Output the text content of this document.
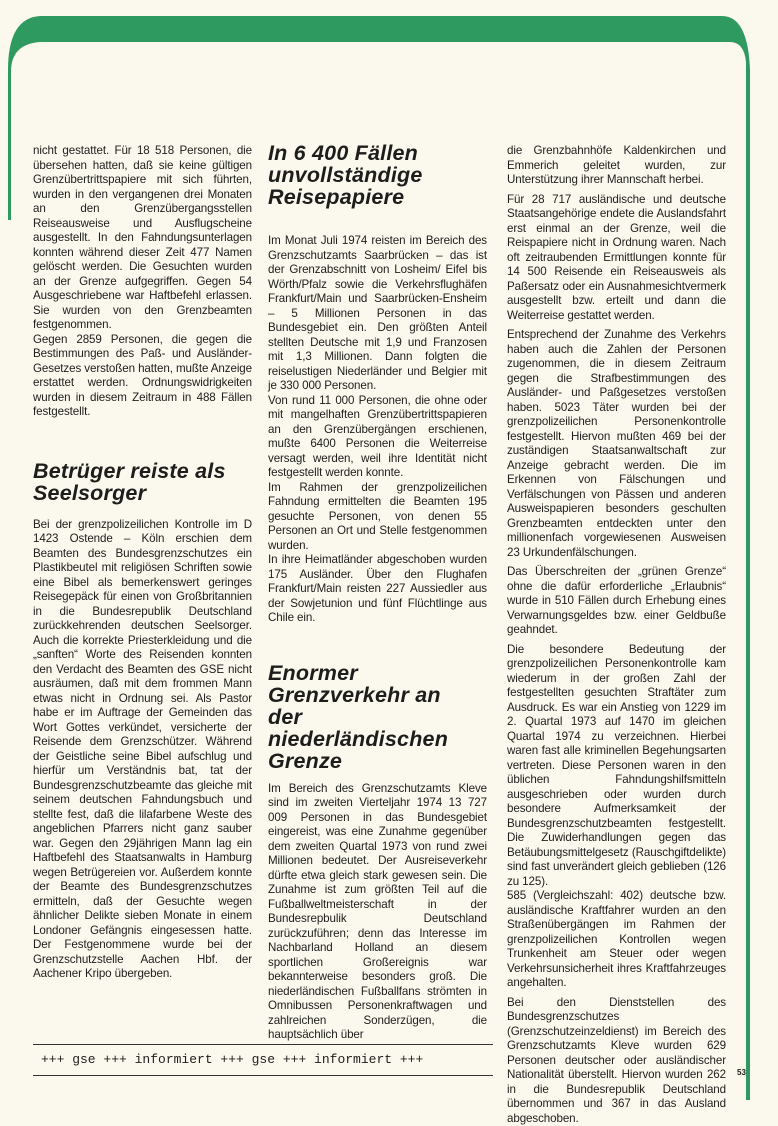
nicht gestattet. Für 18 518 Personen, die übersehen hatten, daß sie keine gültigen Grenzübertrittspapiere mit sich führten, wurden in den vergangenen drei Monaten an den Grenzübergangsstellen Reiseausweise und Ausflugscheine ausgestellt. In den Fahndungsunterlagen konnten während dieser Zeit 477 Namen gelöscht werden. Die Gesuchten wurden an der Grenze aufgegriffen. Gegen 54 Ausgeschriebene war Haftbefehl erlassen. Sie wurden von den Grenzbeamten festgenommen.

Gegen 2859 Personen, die gegen die Bestimmungen des Paß- und Ausländer-Gesetzes verstoßen hatten, mußte Anzeige erstattet werden. Ordnungswidrigkeiten wurden in diesem Zeitraum in 488 Fällen festgestellt.

Betrüger reiste als Seelsorger

Bei der grenzpolizeilichen Kontrolle im D 1423 Ostende – Köln erschien dem Beamten des Bundesgrenzschutzes ein Plastikbeutel mit religiösen Schriften sowie eine Bibel als bemerkenswert geringes Reisegepäck für einen von Großbritannien in die Bundesrepublik Deutschland zurückkehrenden deutschen Seelsorger. Auch die korrekte Priesterkleidung und die „sanften“ Worte des Reisenden konnten den Verdacht des Beamten des GSE nicht ausräumen, daß mit dem frommen Mann etwas nicht in Ordnung sei. Als Pastor habe er im Auftrage der Gemeinden das Wort Gottes verkündet, versicherte der Reisende dem Grenzschützer. Während der Geistliche seine Bibel aufschlug und hierfür um Verständnis bat, tat der Bundesgrenzschutzbeamte das gleiche mit seinem deutschen Fahndungsbuch und stellte fest, daß die lilafarbene Weste des angeblichen Pfarrers nicht ganz sauber war. Gegen den 29jährigen Mann lag ein Haftbefehl des Staatsanwalts in Hamburg wegen Betrügereien vor. Außerdem konnte der Beamte des Bundesgrenzschutzes ermitteln, daß der Gesuchte wegen ähnlicher Delikte sieben Monate in einem Londoner Gefängnis eingesessen hatte. Der Festgenommene wurde bei der Grenzschutzstelle Aachen Hbf. der Aachener Kripo übergeben.

In 6 400 Fällen unvollständige Reisepapiere

Im Monat Juli 1974 reisten im Bereich des Grenzschutzamts Saarbrücken – das ist der Grenzabschnitt von Losheim/ Eifel bis Wörth/Pfalz sowie die Verkehrsflughäfen Frankfurt/Main und Saarbrücken-Ensheim – 5 Millionen Personen in das Bundesgebiet ein. Den größten Anteil stellten Deutsche mit 1,9 und Franzosen mit 1,3 Millionen. Dann folgten die reiselustigen Niederländer und Belgier mit je 330 000 Personen.

Von rund 11 000 Personen, die ohne oder mit mangelhaften Grenzübertrittspapieren an den Grenzübergängen erschienen, mußte 6400 Personen die Weiterreise versagt werden, weil ihre Identität nicht festgestellt werden konnte.

Im Rahmen der grenzpolizeilichen Fahndung ermittelten die Beamten 195 gesuchte Personen, von denen 55 Personen an Ort und Stelle festgenommen wurden.

In ihre Heimatländer abgeschoben wurden 175 Ausländer. Über den Flughafen Frankfurt/Main reisten 227 Aussiedler aus der Sowjetunion und fünf Flüchtlinge aus Chile ein.

Enormer Grenzverkehr an der niederländischen Grenze

Im Bereich des Grenzschutzamts Kleve sind im zweiten Vierteljahr 1974 13 727 009 Personen in das Bundesgebiet eingereist, was eine Zunahme gegenüber dem zweiten Quartal 1973 von rund zwei Millionen bedeutet. Der Ausreiseverkehr dürfte etwa gleich stark gewesen sein. Die Zunahme ist zum größten Teil auf die Fußballweltmeisterschaft in der Bundesrepbulik Deutschland zurückzuführen; denn das Interesse im Nachbarland Holland an diesem sportlichen Großereignis war bekannterweise besonders groß. Die niederländischen Fußballfans strömten in Omnibussen Personenkraftwagen und zahlreichen Sonderzügen, die hauptsächlich über

die Grenzbahnhöfe Kaldenkirchen und Emmerich geleitet wurden, zur Unterstützung ihrer Mannschaft herbei.

Für 28 717 ausländische und deutsche Staatsangehörige endete die Auslandsfahrt erst einmal an der Grenze, weil die Reispapiere nicht in Ordnung waren. Nach oft zeitraubenden Ermittlungen konnte für 14 500 Reisende ein Reiseausweis als Paßersatz oder ein Ausnahmesichtvermerk ausgestellt bzw. erteilt und dann die Weiterreise gestattet werden.

Entsprechend der Zunahme des Verkehrs haben auch die Zahlen der Personen zugenommen, die in diesem Zeitraum gegen die Strafbestimmungen des Ausländer- und Paßgesetzes verstoßen haben. 5023 Täter wurden bei der grenzpolizeilichen Personenkontrolle festgestellt. Hiervon mußten 469 bei der zuständigen Staatsanwaltschaft zur Anzeige gebracht werden. Die im Erkennen von Fälschungen und Verfälschungen von Pässen und anderen Ausweispapieren besonders geschulten Grenzbeamten entdeckten unter den millionenfach vorgewiesenen Ausweisen 23 Urkundenfälschungen.

Das Überschreiten der „grünen Grenze“ ohne die dafür erforderliche „Erlaubnis“ wurde in 510 Fällen durch Erhebung eines Verwarnungsgeldes bzw. einer Geldbuße geahndet.

Die besondere Bedeutung der grenzpolizeilichen Personenkontrolle kam wiederum in der großen Zahl der festgestellten gesuchten Straftäter zum Ausdruck. Es war ein Anstieg von 1229 im 2. Quartal 1973 auf 1470 im gleichen Quartal 1974 zu verzeichnen. Hierbei waren fast alle kriminellen Begehungsarten vertreten. Diese Personen waren in den üblichen Fahndungshilfsmitteln ausgeschrieben oder wurden durch besondere Aufmerksamkeit der Bundesgrenzschutzbeamten festgestellt. Die Zuwiderhandlungen gegen das Betäubungsmittelgesetz (Rauschgiftdelikte) sind fast unverändert gleich geblieben (126 zu 125).

585 (Vergleichszahl: 402) deutsche bzw. ausländische Kraftfahrer wurden an den Straßenübergängen im Rahmen der grenzpolizeilichen Kontrollen wegen Trunkenheit am Steuer oder wegen Verkehrsunsicherheit ihres Kraftfahrzeuges angehalten.

Bei den Dienststellen des Bundesgrenzschutzes (Grenzschutzeinzeldienst) im Bereich des Grenzschutzamts Kleve wurden 629 Personen deutscher oder ausländischer Nationalität überstellt. Hiervon wurden 262 in die Bundesrepublik Deutschland übernommen und 367 in das Ausland abgeschoben.

+++ gse +++ informiert +++ gse +++ informiert +++
53
